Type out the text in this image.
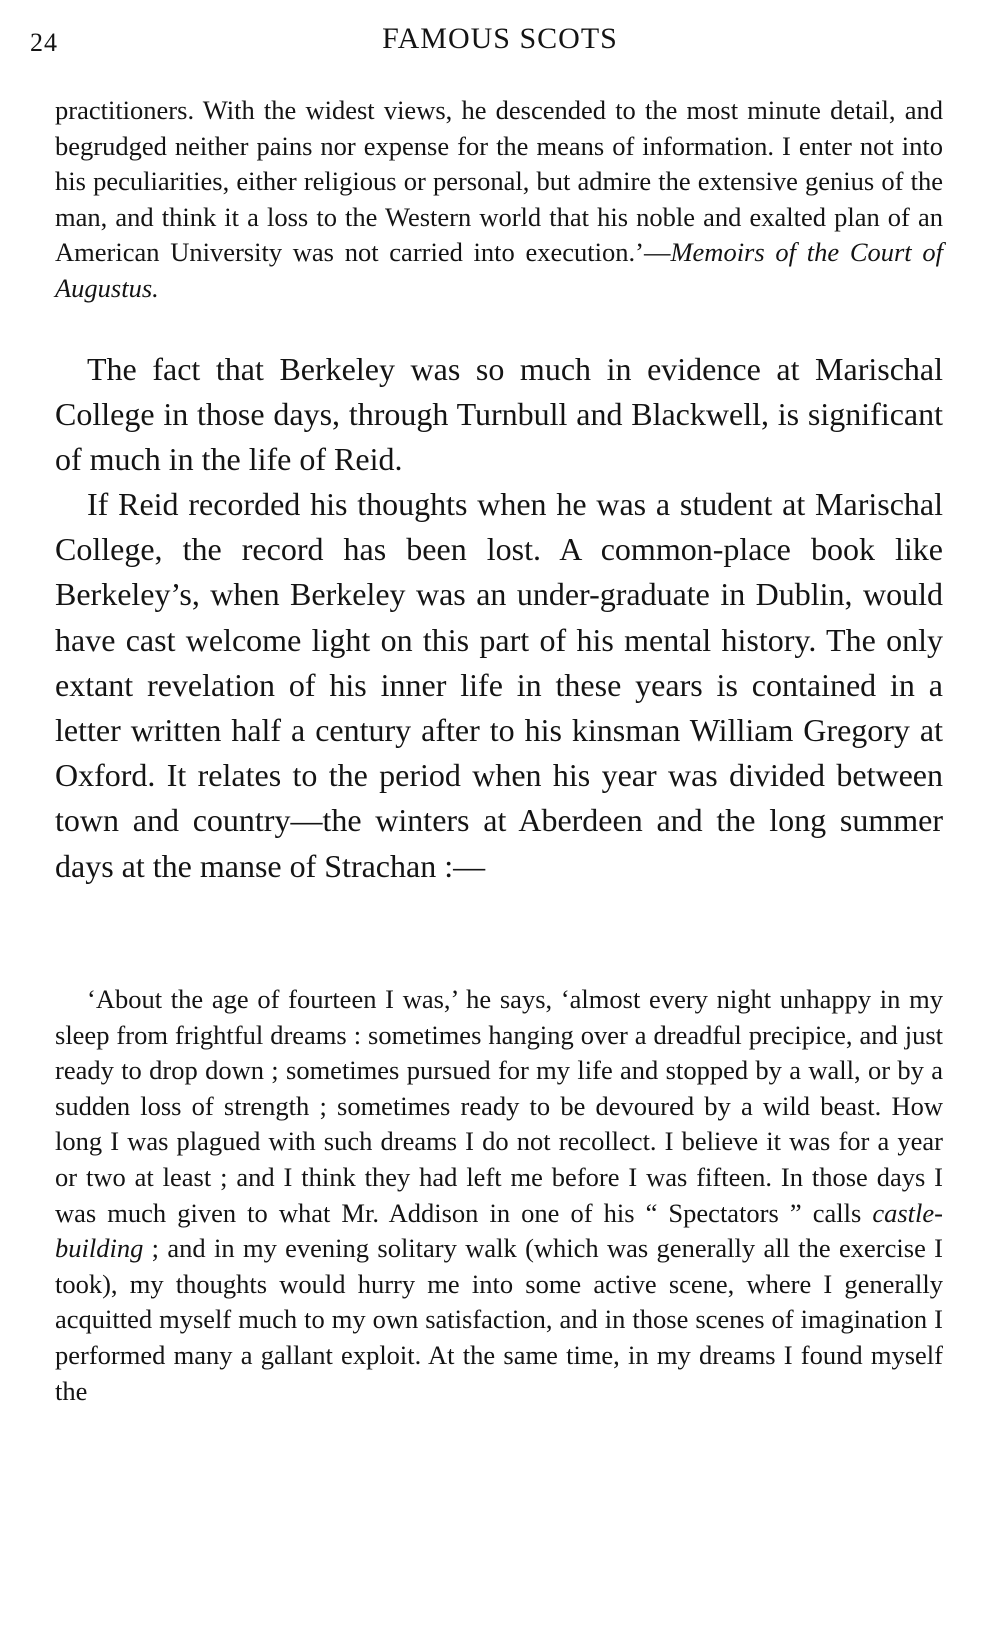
24	FAMOUS SCOTS

practitioners. With the widest views, he descended to the most minute detail, and begrudged neither pains nor expense for the means of information. I enter not into his peculiarities, either religious or personal, but admire the extensive genius of the man, and think it a loss to the Western world that his noble and exalted plan of an American University was not carried into execution.’—Memoirs of the Court of Augustus.

The fact that Berkeley was so much in evidence at Marischal College in those days, through Turnbull and Blackwell, is significant of much in the life of Reid.

If Reid recorded his thoughts when he was a student at Marischal College, the record has been lost. A common-place book like Berkeley’s, when Berkeley was an under-graduate in Dublin, would have cast welcome light on this part of his mental history. The only extant revelation of his inner life in these years is contained in a letter written half a century after to his kinsman William Gregory at Oxford. It relates to the period when his year was divided between town and country—the winters at Aberdeen and the long summer days at the manse of Strachan :—

‘About the age of fourteen I was,’ he says, ‘almost every night unhappy in my sleep from frightful dreams : sometimes hanging over a dreadful precipice, and just ready to drop down ; sometimes pursued for my life and stopped by a wall, or by a sudden loss of strength ; sometimes ready to be devoured by a wild beast. How long I was plagued with such dreams I do not recollect. I believe it was for a year or two at least ; and I think they had left me before I was fifteen. In those days I was much given to what Mr. Addison in one of his “ Spectators ” calls castle-building ; and in my evening solitary walk (which was generally all the exercise I took), my thoughts would hurry me into some active scene, where I generally acquitted myself much to my own satisfaction, and in those scenes of imagination I performed many a gallant exploit. At the same time, in my dreams I found myself the
